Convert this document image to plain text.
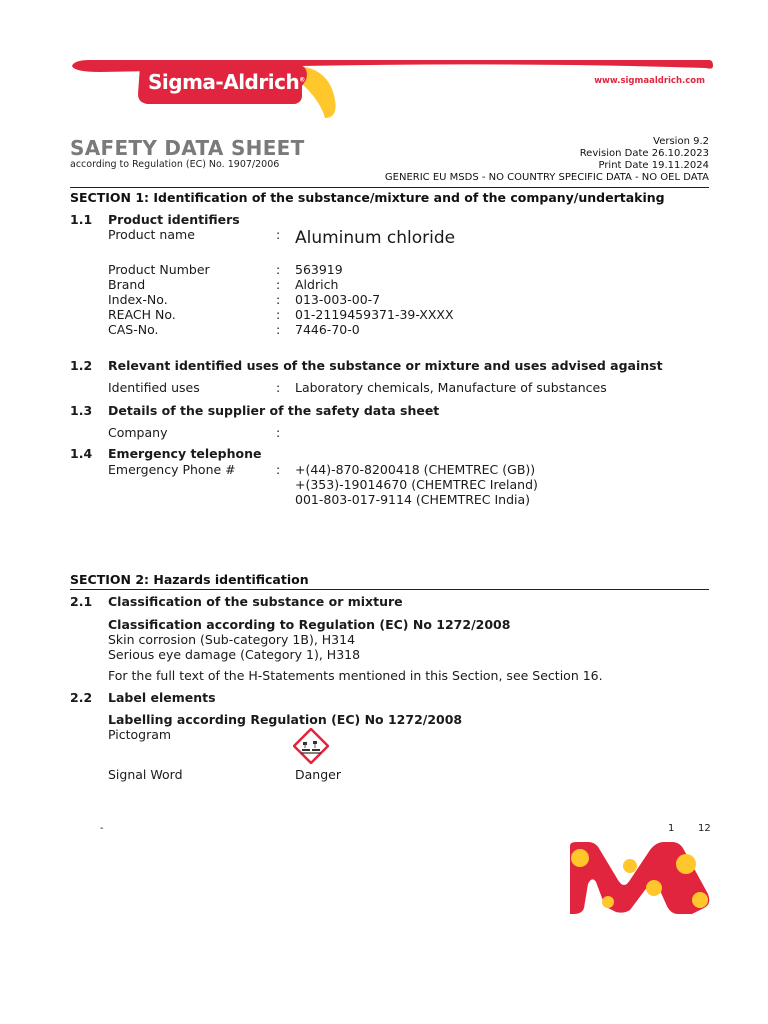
Sigma-Aldrich®	www.sigmaaldrich.com
SAFETY DATA SHEET
according to Regulation (EC) No. 1907/2006
Version 9.2
Revision Date 26.10.2023
Print Date 19.11.2024
GENERIC EU MSDS - NO COUNTRY SPECIFIC DATA - NO OEL DATA
SECTION 1: Identification of the substance/mixture and of the company/undertaking
1.1 Product identifiers
Product name	: Aluminum chloride
Product Number	: 563919
Brand	: Aldrich
Index-No.	: 013-003-00-7
REACH No.	: 01-2119459371-39-XXXX
CAS-No.	: 7446-70-0
1.2 Relevant identified uses of the substance or mixture and uses advised against
Identified uses	: Laboratory chemicals, Manufacture of substances
1.3 Details of the supplier of the safety data sheet
Company	:
1.4 Emergency telephone
Emergency Phone #	: +(44)-870-8200418 (CHEMTREC (GB))
+(353)-19014670 (CHEMTREC Ireland)
001-803-017-9114 (CHEMTREC India)
SECTION 2: Hazards identification
2.1 Classification of the substance or mixture
Classification according to Regulation (EC) No 1272/2008
Skin corrosion (Sub-category 1B), H314
Serious eye damage (Category 1), H318
For the full text of the H-Statements mentioned in this Section, see Section 16.
2.2 Label elements
Labelling according Regulation (EC) No 1272/2008
Pictogram
Signal Word	Danger
-	1 12
